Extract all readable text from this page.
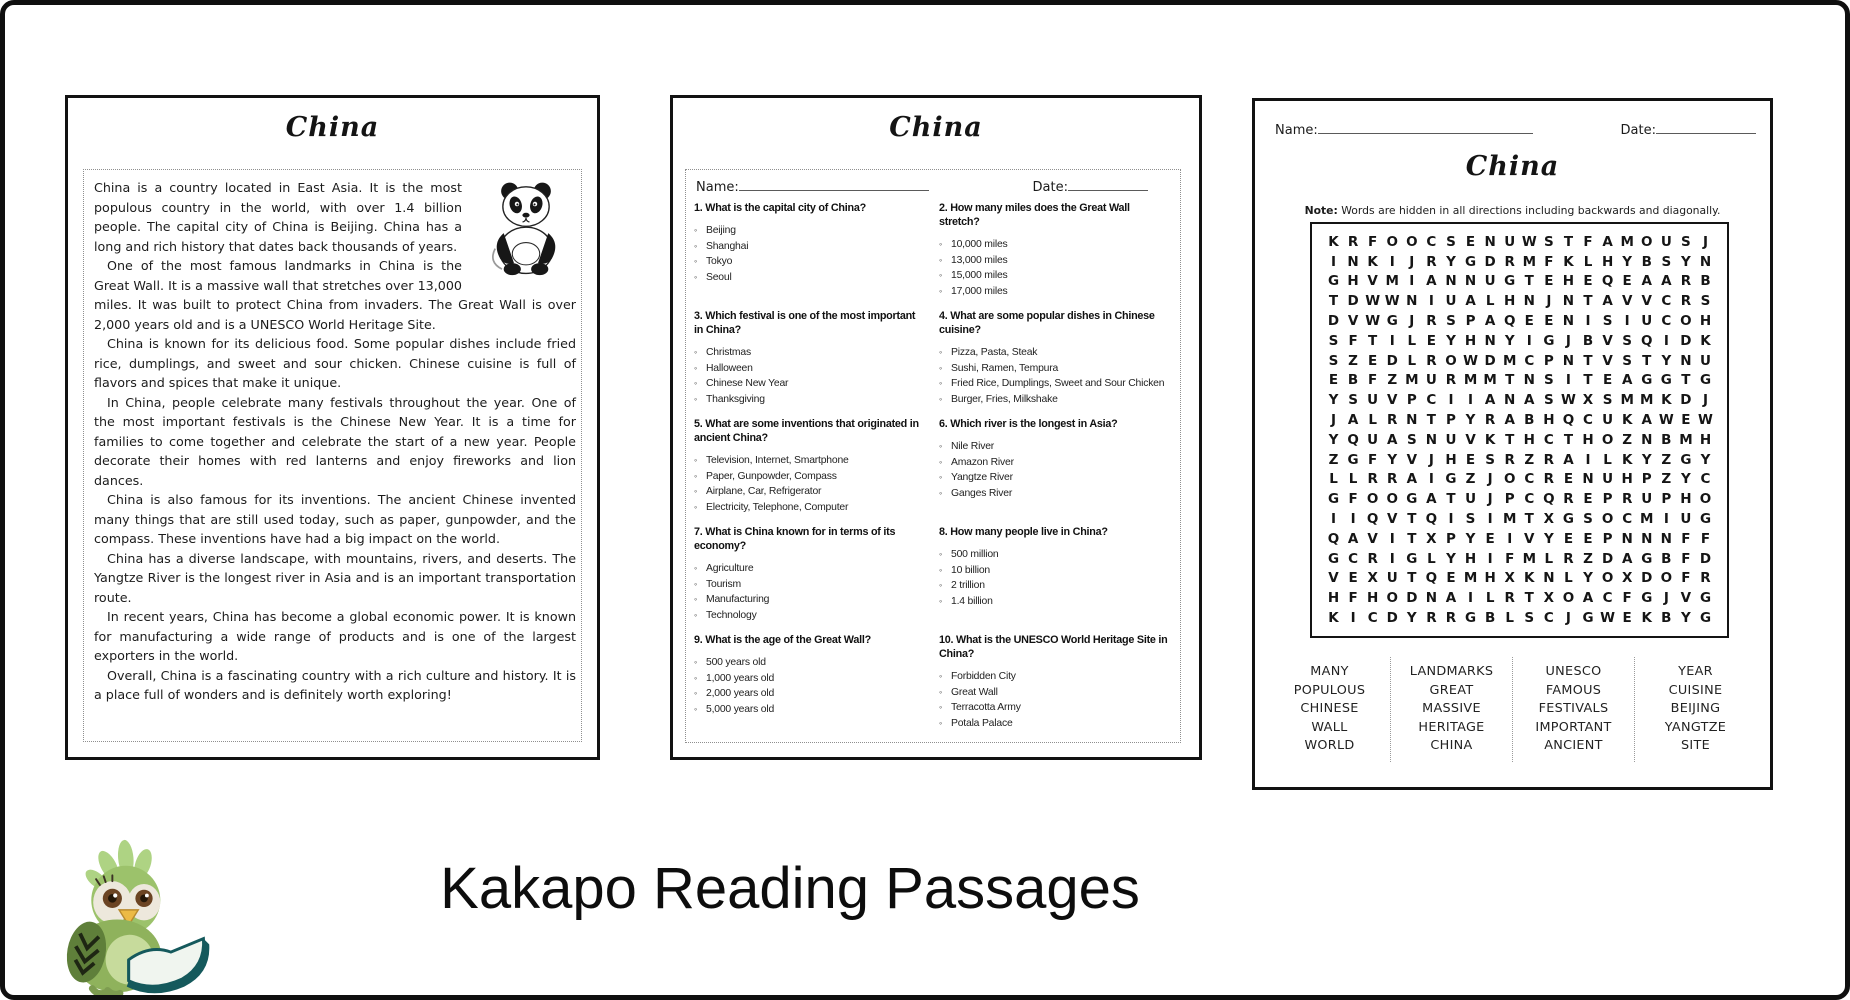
China

China is a country located in East Asia. It is the most populous country in the world, with over 1.4 billion people. The capital city of China is Beijing. China has a long and rich history that dates back thousands of years.

One of the most famous landmarks in China is the Great Wall. It is a massive wall that stretches over 13,000 miles. It was built to protect China from invaders. The Great Wall is over 2,000 years old and is a UNESCO World Heritage Site.

China is known for its delicious food. Some popular dishes include fried rice, dumplings, and sweet and sour chicken. Chinese cuisine is full of flavors and spices that make it unique.

In China, people celebrate many festivals throughout the year. One of the most important festivals is the Chinese New Year. It is a time for families to come together and celebrate the start of a new year. People decorate their homes with red lanterns and enjoy fireworks and lion dances.

China is also famous for its inventions. The ancient Chinese invented many things that are still used today, such as paper, gunpowder, and the compass. These inventions have had a big impact on the world.

China has a diverse landscape, with mountains, rivers, and deserts. The Yangtze River is the longest river in Asia and is an important transportation route.

In recent years, China has become a global economic power. It is known for manufacturing a wide range of products and is one of the largest exporters in the world.

Overall, China is a fascinating country with a rich culture and history. It is a place full of wonders and is definitely worth exploring!

China
Name:	Date:
1. What is the capital city of China?
◦ Beijing
◦ Shanghai
◦ Tokyo
◦ Seoul
2. How many miles does the Great Wall stretch?
◦ 10,000 miles
◦ 13,000 miles
◦ 15,000 miles
◦ 17,000 miles
3. Which festival is one of the most important in China?
◦ Christmas
◦ Halloween
◦ Chinese New Year
◦ Thanksgiving
4. What are some popular dishes in Chinese cuisine?
◦ Pizza, Pasta, Steak
◦ Sushi, Ramen, Tempura
◦ Fried Rice, Dumplings, Sweet and Sour Chicken
◦ Burger, Fries, Milkshake
5. What are some inventions that originated in ancient China?
◦ Television, Internet, Smartphone
◦ Paper, Gunpowder, Compass
◦ Airplane, Car, Refrigerator
◦ Electricity, Telephone, Computer
6. Which river is the longest in Asia?
◦ Nile River
◦ Amazon River
◦ Yangtze River
◦ Ganges River
7. What is China known for in terms of its economy?
◦ Agriculture
◦ Tourism
◦ Manufacturing
◦ Technology
8. How many people live in China?
◦ 500 million
◦ 10 billion
◦ 2 trillion
◦ 1.4 billion
9. What is the age of the Great Wall?
◦ 500 years old
◦ 1,000 years old
◦ 2,000 years old
◦ 5,000 years old
10. What is the UNESCO World Heritage Site in China?
◦ Forbidden City
◦ Great Wall
◦ Terracotta Army
◦ Potala Palace
Name:	Date:
China
Note: Words are hidden in all directions including backwards and diagonally.
K R F O O C S E N U W S T F A M O U S J
I N K I	J R Y G D R M F K L H Y B S Y N
G H V M I A N N U G T E H E Q E A A R B
T D W W N I U A L H N J N T A V V C R S
D V W G J R S P A Q E E N I S I U C O H
S F T I L E Y H N Y I G J B V S Q I D K
S Z E D L R O W D M C P N T V S T Y N U
E B F Z M U R M M T N S I T E A G G T G
Y S U V P C I	I A N A S W X S M M K D J
J A L R N T P Y R A B H Q C U K A W E W
Y Q U A S N U V K T H C T H O Z N B M H
Z G F Y V J H E S R Z R A I L K Y Z G Y
L L R R A I G Z J O C R E N U H P Z Y C
G F O O G A T U J P C Q R E P R U P H O
I	I Q V T Q I S I M T X G S O C M I U G
Q A V I T X P Y E I V Y E E P N N N F F
G C R I G L Y H I F M L R Z D A G B F D
V E X U T Q E M H X K N L Y O X D O F R
H F H O D N A I L R T X O A C F G J V G
K I C D Y R R G B L S C J G W E K B Y G
MANY
POPULOUS
CHINESE
WALL
WORLD
LANDMARKS
GREAT
MASSIVE
HERITAGE
CHINA
UNESCO
FAMOUS
FESTIVALS
IMPORTANT
ANCIENT
YEAR
CUISINE
BEIJING
YANGTZE
SITE
Kakapo Reading Passages
